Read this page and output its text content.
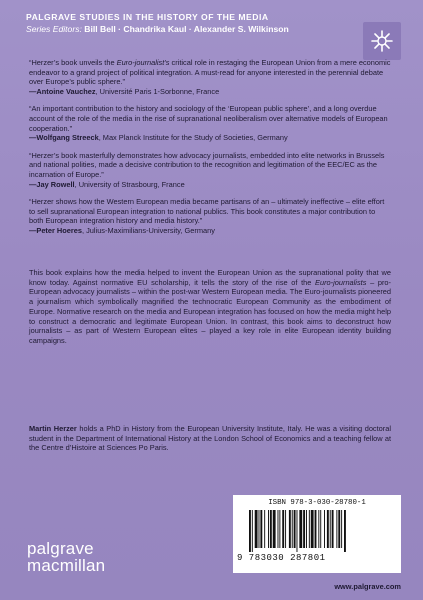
PALGRAVE STUDIES IN THE HISTORY OF THE MEDIA
Series Editors: Bill Bell · Chandrika Kaul · Alexander S. Wilkinson
“Herzer’s book unveils the Euro-journalist’s critical role in restaging the European Union from a mere economic endeavor to a grand project of political integration. A must-read for anyone interested in the perennial debate over Europe’s public sphere.”
—Antoine Vauchez, Université Paris 1-Sorbonne, France
“An important contribution to the history and sociology of the ‘European public sphere’, and a long overdue account of the role of the media in the rise of supranational neoliberalism over alternative models of European cooperation.”
—Wolfgang Streeck, Max Planck Institute for the Study of Societies, Germany
“Herzer’s book masterfully demonstrates how advocacy journalists, embedded into elite networks in Brussels and national polities, made a decisive contribution to the recognition and legitimation of the EEC/EC as the incarnation of Europe.”
—Jay Rowell, University of Strasbourg, France
“Herzer shows how the Western European media became partisans of an – ultimately ineffective – elite effort to sell supranational European integration to national publics. This book constitutes a major contribution to both European integration history and media history.”
—Peter Hoeres, Julius-Maximilians-University, Germany
This book explains how the media helped to invent the European Union as the supranational polity that we know today. Against normative EU scholarship, it tells the story of the rise of the Euro-journalists – pro-European advocacy journalists – within the post-war Western European media. The Euro-journalists pioneered a journalism which symbolically magnified the technocratic European Community as the embodiment of Europe. Normative research on the media and European integration has focused on how the media might help to construct a democratic and legitimate European Union. In contrast, this book aims to deconstruct how journalists – as part of Western European elites – played a key role in elite European identity building campaigns.
Martin Herzer holds a PhD in History from the European University Institute, Italy. He was a visiting doctoral student in the Department of International History at the London School of Economics and a teaching fellow at the Centre d’Histoire at Sciences Po Paris.
ISBN 978-3-030-28780-1
9 783030 287801
palgrave
macmillan
www.palgrave.com
